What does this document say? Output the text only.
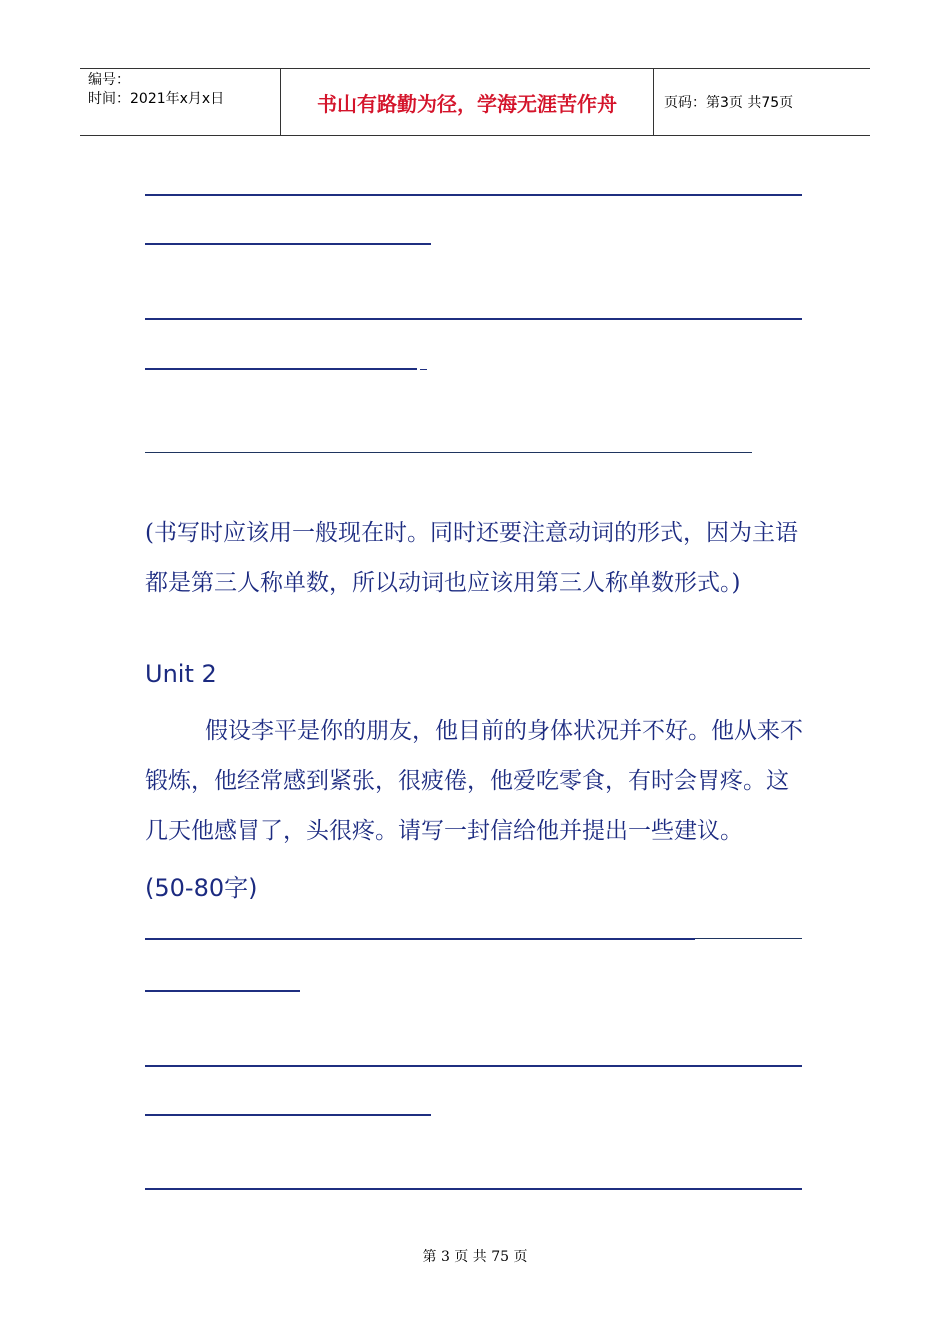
编号：
时间：2021年x月x日	书山有路勤为径，学海无涯苦作舟	页码：第3页 共75页
(书写时应该用一般现在时。同时还要注意动词的形式，因为主语都是第三人称单数，所以动词也应该用第三人称单数形式。)
Unit 2
假设李平是你的朋友，他目前的身体状况并不好。他从来不锻炼，他经常感到紧张，很疲倦，他爱吃零食，有时会胃疼。这几天他感冒了，头很疼。请写一封信给他并提出一些建议。
(50-80字)
第 3 页 共 75 页
